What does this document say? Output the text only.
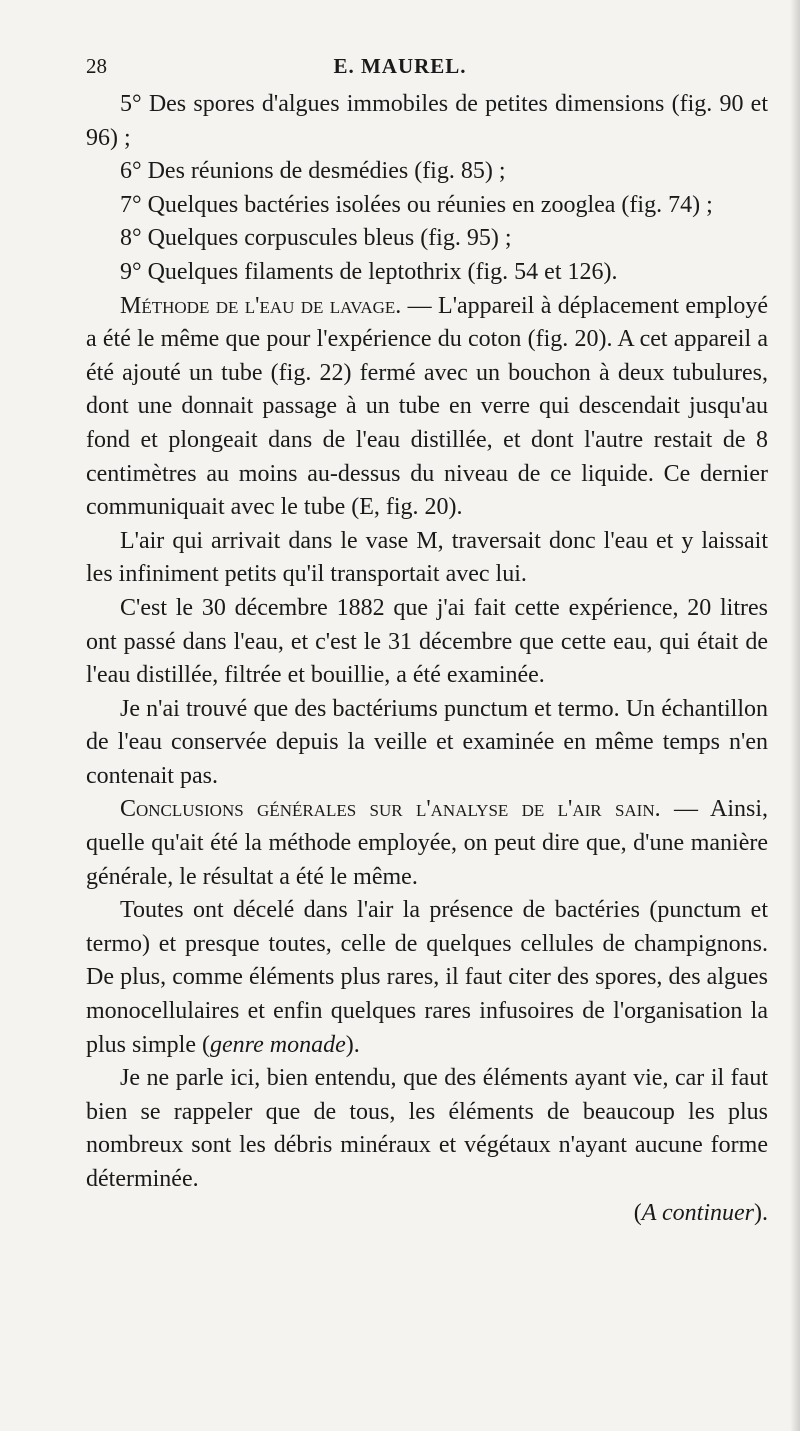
28	E. MAUREL.

5° Des spores d'algues immobiles de petites dimensions (fig. 90 et 96) ;

6° Des réunions de desmédies (fig. 85) ;

7° Quelques bactéries isolées ou réunies en zooglea (fig. 74) ;

8° Quelques corpuscules bleus (fig. 95) ;

9° Quelques filaments de leptothrix (fig. 54 et 126).

Méthode de l'eau de lavage. — L'appareil à déplacement employé a été le même que pour l'expérience du coton (fig. 20). A cet appareil a été ajouté un tube (fig. 22) fermé avec un bouchon à deux tubulures, dont une donnait passage à un tube en verre qui descendait jusqu'au fond et plongeait dans de l'eau distillée, et dont l'autre restait de 8 centimètres au moins au-dessus du niveau de ce liquide. Ce dernier communiquait avec le tube (E, fig. 20).

L'air qui arrivait dans le vase M, traversait donc l'eau et y laissait les infiniment petits qu'il transportait avec lui.

C'est le 30 décembre 1882 que j'ai fait cette expérience, 20 litres ont passé dans l'eau, et c'est le 31 décembre que cette eau, qui était de l'eau distillée, filtrée et bouillie, a été examinée.

Je n'ai trouvé que des bactériums punctum et termo. Un échantillon de l'eau conservée depuis la veille et examinée en même temps n'en contenait pas.

Conclusions générales sur l'analyse de l'air sain. — Ainsi, quelle qu'ait été la méthode employée, on peut dire que, d'une manière générale, le résultat a été le même.

Toutes ont décelé dans l'air la présence de bactéries (punctum et termo) et presque toutes, celle de quelques cellules de champignons. De plus, comme éléments plus rares, il faut citer des spores, des algues monocellulaires et enfin quelques rares infusoires de l'organisation la plus simple (genre monade).

Je ne parle ici, bien entendu, que des éléments ayant vie, car il faut bien se rappeler que de tous, les éléments de beaucoup les plus nombreux sont les débris minéraux et végétaux n'ayant aucune forme déterminée.

(A continuer).
